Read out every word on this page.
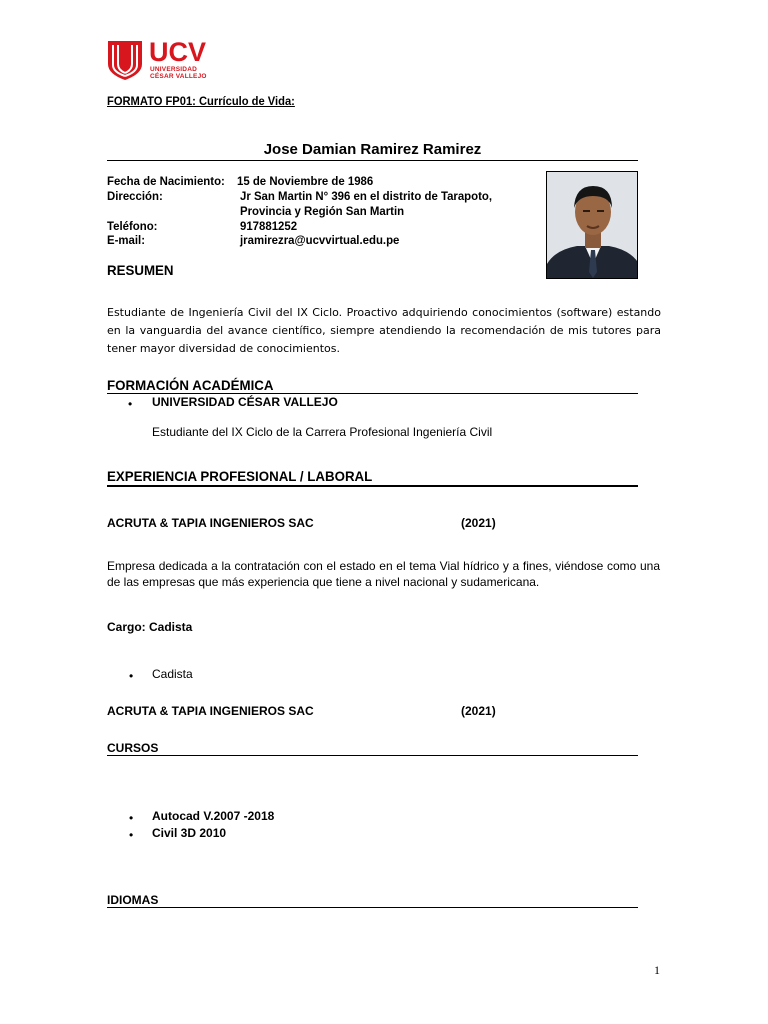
UCV
UNIVERSIDAD
CÉSAR VALLEJO
FORMATO FP01: Currículo de Vida:
Jose Damian Ramirez Ramirez
Fecha de Nacimiento: 15 de Noviembre de 1986
Dirección:	Jr San Martin N° 396 en el distrito de Tarapoto,
Provincia y Región San Martin
Teléfono:	917881252
E-mail:	jramirezra@ucvvirtual.edu.pe
RESUMEN
Estudiante de Ingeniería Civil del IX Ciclo. Proactivo adquiriendo conocimientos (software) estando en la vanguardia del avance científico, siempre atendiendo la recomendación de mis tutores para tener mayor diversidad de conocimientos.
FORMACIÓN ACADÉMICA
• UNIVERSIDAD CÉSAR VALLEJO
Estudiante del IX Ciclo de la Carrera Profesional Ingeniería Civil
EXPERIENCIA PROFESIONAL / LABORAL
ACRUTA & TAPIA INGENIEROS SAC	(2021)
Empresa dedicada a la contratación con el estado en el tema Vial hídrico y a fines, viéndose como una de las empresas que más experiencia que tiene a nivel nacional y sudamericana.
Cargo: Cadista
• Cadista
ACRUTA & TAPIA INGENIEROS SAC	(2021)
CURSOS
• Autocad V.2007 -2018
• Civil 3D 2010
IDIOMAS
1
